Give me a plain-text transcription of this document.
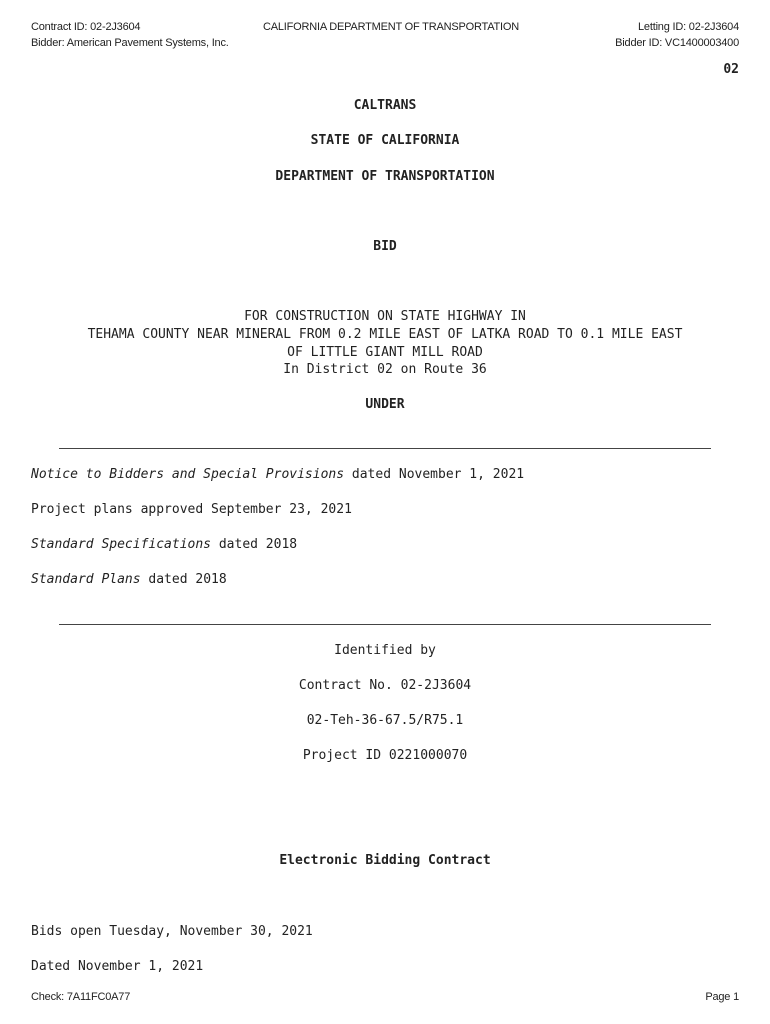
Contract ID: 02-2J3604
Bidder: American Pavement Systems, Inc.
CALIFORNIA DEPARTMENT OF TRANSPORTATION	Letting ID: 02-2J3604
Bidder ID: VC1400003400
02
CALTRANS
STATE OF CALIFORNIA
DEPARTMENT OF TRANSPORTATION
BID
FOR CONSTRUCTION ON STATE HIGHWAY IN
TEHAMA COUNTY NEAR MINERAL FROM 0.2 MILE EAST OF LATKA ROAD TO 0.1 MILE EAST
OF LITTLE GIANT MILL ROAD
In District 02 on Route 36
UNDER
Notice to Bidders and Special Provisions dated November 1, 2021
Project plans approved September 23, 2021
Standard Specifications dated 2018
Standard Plans dated 2018
Identified by
Contract No. 02-2J3604
02-Teh-36-67.5/R75.1
Project ID 0221000070
Electronic Bidding Contract
Bids open Tuesday, November 30, 2021
Dated November 1, 2021
Check: 7A11FC0A77	Page 1
